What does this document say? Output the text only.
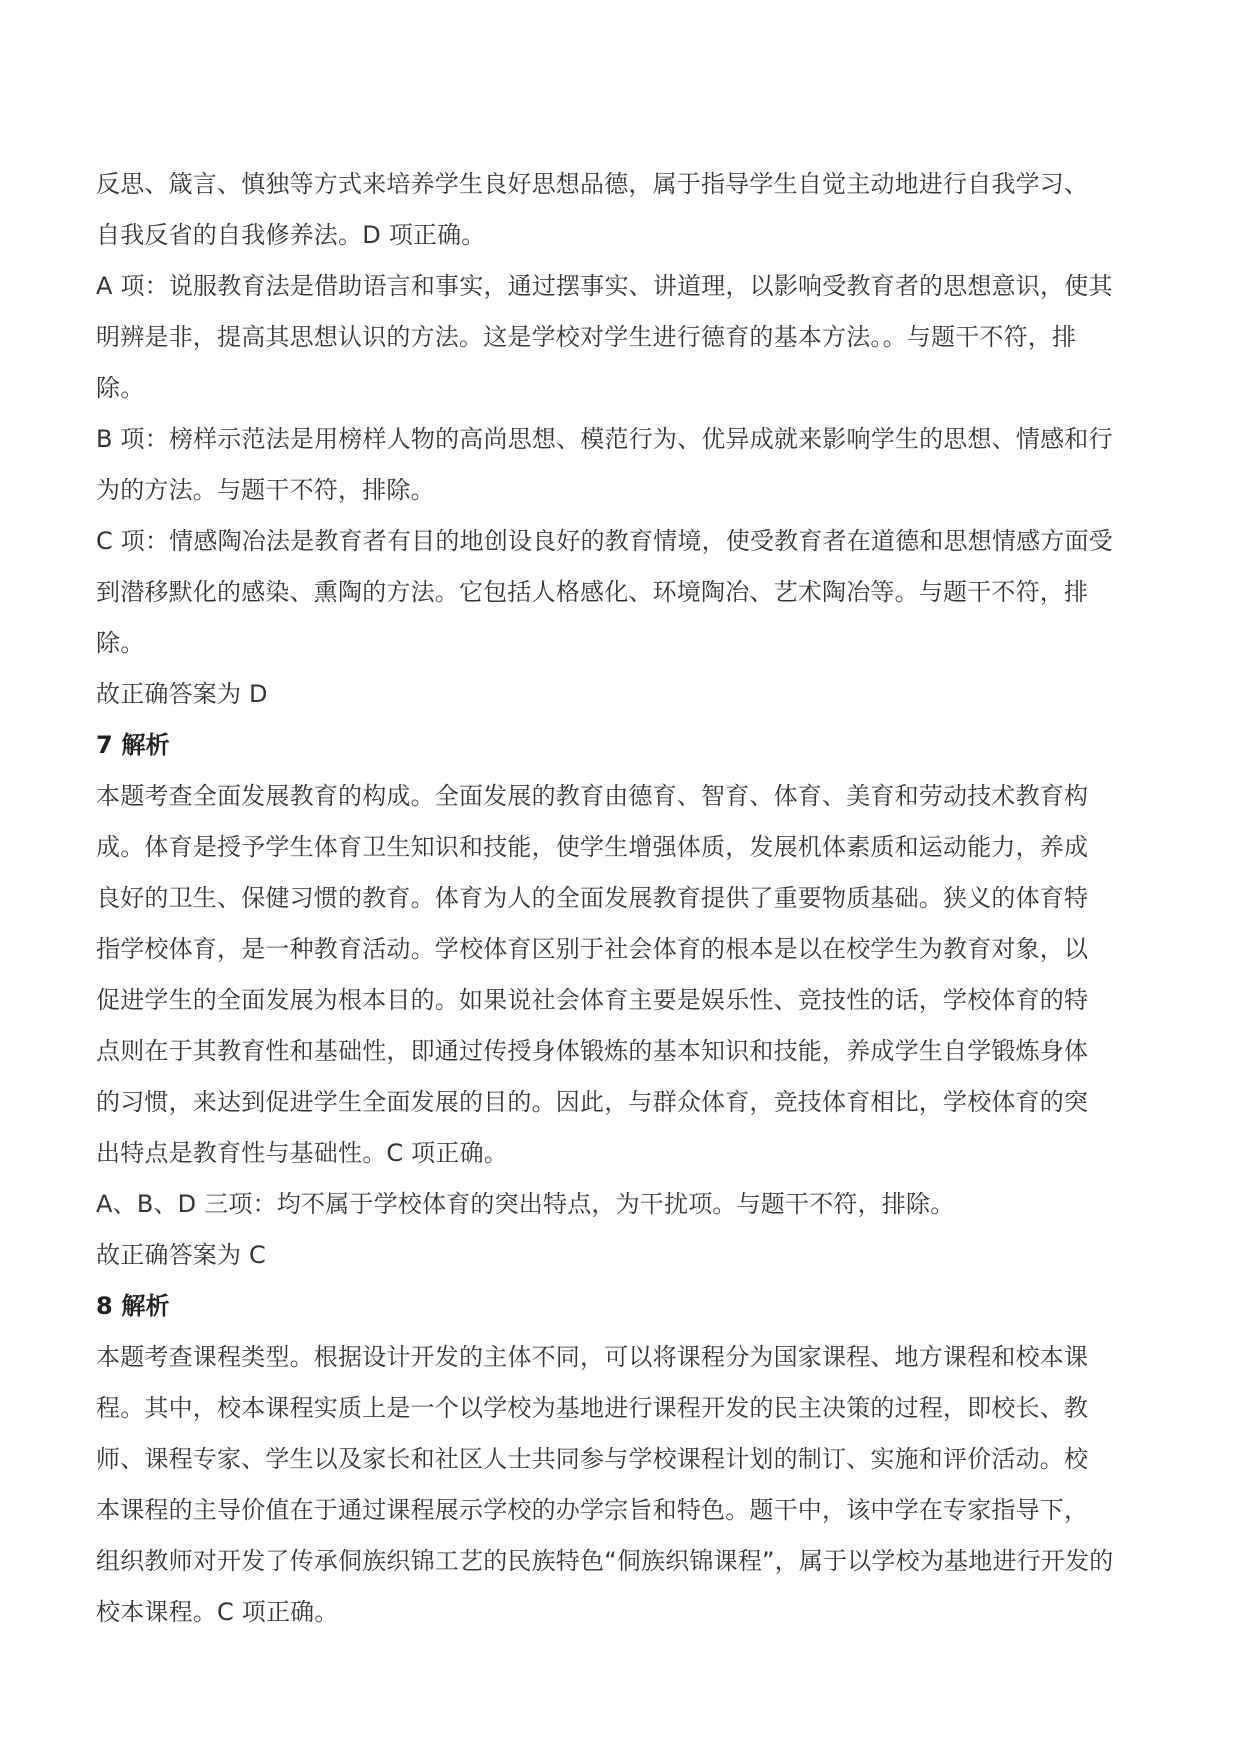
反思、箴言、慎独等方式来培养学生良好思想品德，属于指导学生自觉主动地进行自我学习、
自我反省的自我修养法。D 项正确。

A 项：说服教育法是借助语言和事实，通过摆事实、讲道理，以影响受教育者的思想意识，使其
明辨是非，提高其思想认识的方法。这是学校对学生进行德育的基本方法。。与题干不符，排
除。

B 项：榜样示范法是用榜样人物的高尚思想、模范行为、优异成就来影响学生的思想、情感和行
为的方法。与题干不符，排除。

C 项：情感陶冶法是教育者有目的地创设良好的教育情境，使受教育者在道德和思想情感方面受
到潜移默化的感染、熏陶的方法。它包括人格感化、环境陶冶、艺术陶冶等。与题干不符，排
除。

故正确答案为 D

7 解析

本题考查全面发展教育的构成。全面发展的教育由德育、智育、体育、美育和劳动技术教育构
成。体育是授予学生体育卫生知识和技能，使学生增强体质，发展机体素质和运动能力，养成
良好的卫生、保健习惯的教育。体育为人的全面发展教育提供了重要物质基础。狭义的体育特
指学校体育，是一种教育活动。学校体育区别于社会体育的根本是以在校学生为教育对象，以
促进学生的全面发展为根本目的。如果说社会体育主要是娱乐性、竞技性的话，学校体育的特
点则在于其教育性和基础性，即通过传授身体锻炼的基本知识和技能，养成学生自学锻炼身体
的习惯，来达到促进学生全面发展的目的。因此，与群众体育，竞技体育相比，学校体育的突
出特点是教育性与基础性。C 项正确。

A、B、D 三项：均不属于学校体育的突出特点，为干扰项。与题干不符，排除。

故正确答案为 C

8 解析

本题考查课程类型。根据设计开发的主体不同，可以将课程分为国家课程、地方课程和校本课
程。其中，校本课程实质上是一个以学校为基地进行课程开发的民主决策的过程，即校长、教
师、课程专家、学生以及家长和社区人士共同参与学校课程计划的制订、实施和评价活动。校
本课程的主导价值在于通过课程展示学校的办学宗旨和特色。题干中，该中学在专家指导下，
组织教师对开发了传承侗族织锦工艺的民族特色“侗族织锦课程”，属于以学校为基地进行开发的
校本课程。C 项正确。
